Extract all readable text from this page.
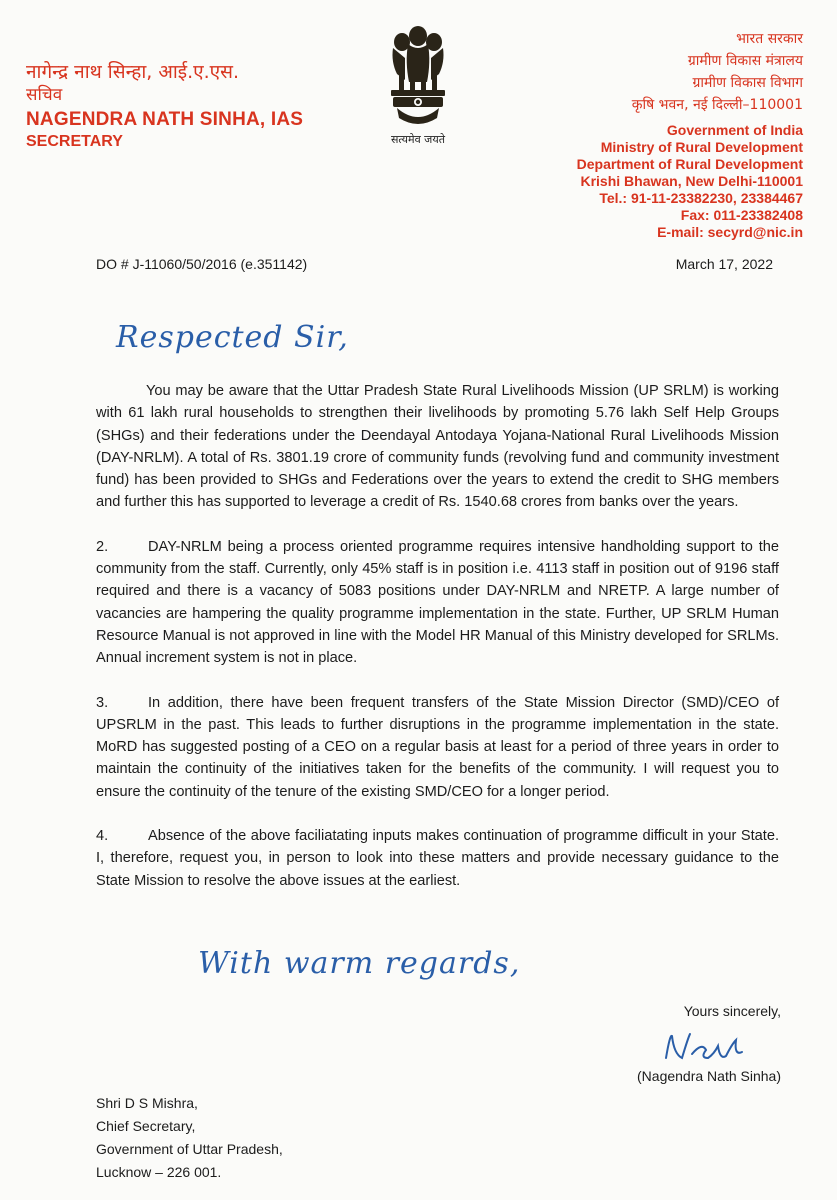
नागेन्द्र नाथ सिन्हा, आई.ए.एस.
सचिव
NAGENDRA NATH SINHA, IAS
SECRETARY	सत्यमेव जयते
भारत सरकार
ग्रामीण विकास मंत्रालय
ग्रामीण विकास विभाग
कृषि भवन, नई दिल्ली–110001
Government of India
Ministry of Rural Development
Department of Rural Development
Krishi Bhawan, New Delhi-110001
Tel.: 91-11-23382230, 23384467
Fax: 011-23382408
E-mail: secyrd@nic.in
DO # J-11060/50/2016 (e.351142)	March 17, 2022
Respected Sir,

You may be aware that the Uttar Pradesh State Rural Livelihoods Mission (UP SRLM) is working with 61 lakh rural households to strengthen their livelihoods by promoting 5.76 lakh Self Help Groups (SHGs) and their federations under the Deendayal Antodaya Yojana-National Rural Livelihoods Mission (DAY-NRLM). A total of Rs. 3801.19 crore of community funds (revolving fund and community investment fund) has been provided to SHGs and Federations over the years to extend the credit to SHG members and further this has supported to leverage a credit of Rs. 1540.68 crores from banks over the years.

2.	DAY-NRLM being a process oriented programme requires intensive handholding support to the community from the staff. Currently, only 45% staff is in position i.e. 4113 staff in position out of 9196 staff required and there is a vacancy of 5083 positions under DAY-NRLM and NRETP. A large number of vacancies are hampering the quality programme implementation in the state. Further, UP SRLM Human Resource Manual is not approved in line with the Model HR Manual of this Ministry developed for SRLMs. Annual increment system is not in place.

3.	In addition, there have been frequent transfers of the State Mission Director (SMD)/CEO of UPSRLM in the past. This leads to further disruptions in the programme implementation in the state. MoRD has suggested posting of a CEO on a regular basis at least for a period of three years in order to maintain the continuity of the initiatives taken for the benefits of the community. I will request you to ensure the continuity of the tenure of the existing SMD/CEO for a longer period.

4.	Absence of the above faciliatating inputs makes continuation of programme difficult in your State. I, therefore, request you, in person to look into these matters and provide necessary guidance to the State Mission to resolve the above issues at the earliest.

With warm regards,
Yours sincerely,
(Nagendra Nath Sinha)
Shri D S Mishra,
Chief Secretary,
Government of Uttar Pradesh,
Lucknow – 226 001.
